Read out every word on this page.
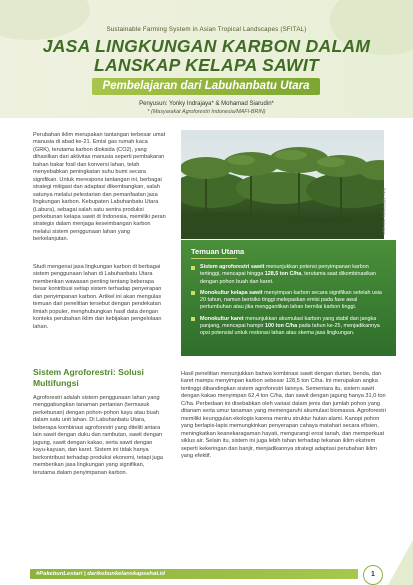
Sustainable Farming System in Asian Tropical Landscapes (SFITAL)
JASA LINGKUNGAN KARBON DALAM
LANSKAP KELAPA SAWIT
Pembelajaran dari Labuhanbatu Utara
Penyusun: Yonky Indrajaya* & Mohamad Siarudin*
* (Masyarakat Agroforestri Indonesia/MAFI-BRIN)

Perubahan iklim merupakan tantangan terbesar umat manusia di abad ke-21. Emisi gas rumah kaca (GRK), terutama karbon dioksida (CO2), yang dihasilkan dari aktivitas manusia seperti pembakaran bahan bakar fosil dan konversi lahan, telah menyebabkan peningkatan suhu bumi secara signifikan. Untuk merespons tantangan ini, berbagai strategi mitigasi dan adaptasi dikembangkan, salah satunya melalui pelestarian dan pemanfaatan jasa lingkungan karbon. Kebupaten Labuhanbatu Utara (Labura), sebagai salah satu sentra produksi perkebunan kelapa sawit di Indonesia, memiliki peran strategis dalam menjaga keseimbangan karbon melalui sistem penggunaan lahan yang berkelanjutan.

Studi mengenai jasa lingkungan karbon di berbagai sistem penggunaan lahan di Labuhanbatu Utara memberikan wawasan penting tentang beberapa besar kontribusi setiap sistem terhadap penyerapan dan penyimpanan karbon. Artikel ini akan mengulas temuan dari penelitian tersebut dengan pendekatan ilmiah populer, menghubungkan hasil data dengan konteks perubahan iklim dan kebijakan pengelolaan lahan.

Sistem Agroforestri: Solusi Multifungsi

Agroforestri adalah sistem penggunaan lahan yang menggabungkan tanaman pertanian (termasuk perkebunan) dengan pohon-pohon kayu atau buah dalam satu unit lahan. Di Labuhanbatu Utara, beberapa kombinasi agroforestri yang diteliti antara lain sawit dengan duku dan rambutan, sawit dengan jagung, sawit dengan kakao, serta sawit dengan kayu-kayuan, dan karet. Sistem ini tidak hanya berkontribusi terhadap produksi ekonomi, tetapi juga memberikan jasa lingkungan yang signifikan, terutama dalam penyimpanan karbon.

Foto: MAFI/Yonky Indrajaya
Temuan Utama
Sistem agroforestri sawit menunjukkan potensi penyimpanan karbon tertinggi, mencapai hingga 128,5 ton C/ha, terutama saat dikombinasikan dengan pohon buah dan karet.
Monokultur kelapa sawit menyimpan karbon secara signifikan setelah usia 20 tahun, namun berisiko tinggi melepaskan emisi pada fase awal pertumbuhan atau jika menggantikan lahan bernilai karbon tinggi.
Monokultur karet menunjukkan akumulasi karbon yang stabil dan jangka panjang, mencapai hampir 100 ton C/ha pada tahun ke-25, menjadikannya opsi potensial untuk restorasi lahan atau skema jasa lingkungan.

Hasil penelitian menunjukkan bahwa kombinasi sawit dengan durian, benda, dan karet mampu menyimpan karbon sebesar 128,5 ton C/ha. Ini merupakan angka tertinggi dibandingkan sistem agroforestri lainnya. Sementara itu, sistem sawit dengan kakao menyimpan 62,4 ton C/ha, dan sawit dengan jagung hanya 31,0 ton C/ha. Perbedaan ini disebabkan oleh variasi dalam jenis dan jumlah pohon yang ditanam serta umur tanaman yang memengaruhi akumulasi biomassa. Agroforestri memiliki keunggulan ekologis karena meniru struktur hutan alami. Kanopi pohon yang berlapis-lapis memungkinkan penyerapan cahaya matahari secara efisien, meningkatkan keanekaragaman hayati, mengurangi erosi tanah, dan memperkuat siklus air. Selain itu, sistem ini juga lebih tahan terhadap tekanan iklim ekstrem seperti kekeringan dan banjir, menjadikannya strategi adaptasi perubahan iklim yang efektif.

#PakebunLestari | darikebunkelanskapsehat.id	1
